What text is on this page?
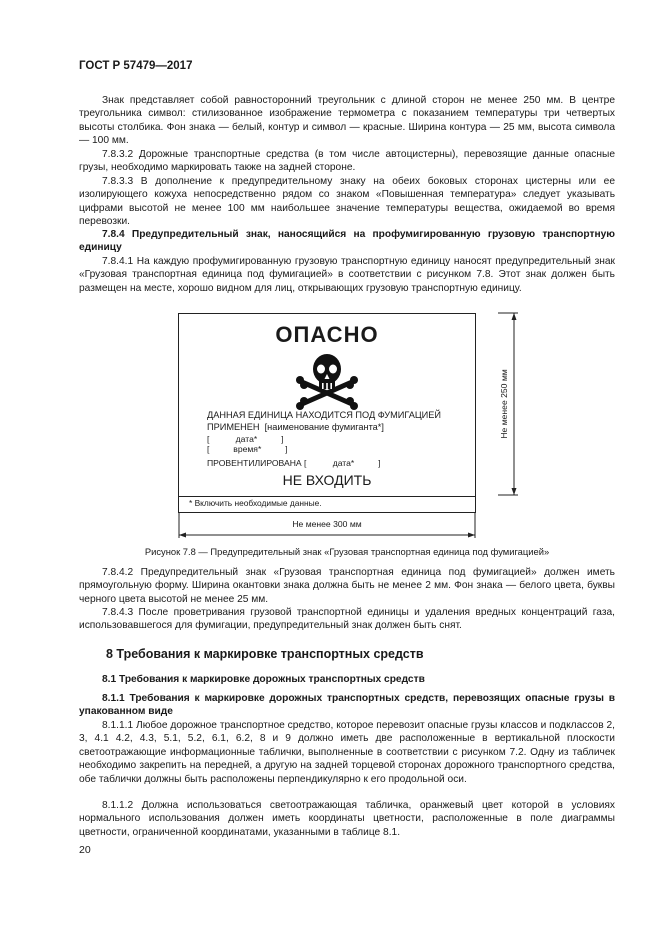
ГОСТ Р 57479—2017

Знак представляет собой равносторонний треугольник с длиной сторон не менее 250 мм. В центре треугольника символ: стилизованное изображение термометра с показанием температуры три четвертых высоты столбика. Фон знака — белый, контур и символ — красные. Ширина контура — 25 мм, высота символа — 100 мм.

7.8.3.2 Дорожные транспортные средства (в том числе автоцистерны), перевозящие данные опасные грузы, необходимо маркировать также на задней стороне.

7.8.3.3 В дополнение к предупредительному знаку на обеих боковых сторонах цистерны или ее изолирующего кожуха непосредственно рядом со знаком «Повышенная температура» следует указывать цифрами высотой не менее 100 мм наибольшее значение температуры вещества, ожидаемой во время перевозки.

7.8.4 Предупредительный знак, наносящийся на профумигированную грузовую транспортную единицу

7.8.4.1 На каждую профумигированную грузовую транспортную единицу наносят предупредительный знак «Грузовая транспортная единица под фумигацией» в соответствии с рисунком 7.8. Этот знак должен быть размещен на месте, хорошо видном для лиц, открывающих грузовую транспортную единицу.

ОПАСНО
ДАННАЯ ЕДИНИЦА НАХОДИТСЯ ПОД ФУМИГАЦИЕЙ
ПРИМЕНЕН  [наименование фумиганта*]
[           дата*          ]
[          время*          ]
ПРОВЕНТИЛИРОВАНА [           дата*          ]
НЕ ВХОДИТЬ
* Включить необходимые данные.
Не менее 300 мм
Не менее 250 мм
Рисунок 7.8 — Предупредительный знак «Грузовая транспортная единица под фумигацией»

7.8.4.2 Предупредительный знак «Грузовая транспортная единица под фумигацией» должен иметь прямоугольную форму. Ширина окантовки знака должна быть не менее 2 мм. Фон знака — белого цвета, буквы черного цвета высотой не менее 25 мм.

7.8.4.3 После проветривания грузовой транспортной единицы и удаления вредных концентраций газа, использовавшегося для фумигации, предупредительный знак должен быть снят.

8 Требования к маркировке транспортных средств
8.1 Требования к маркировке дорожных транспортных средств

8.1.1 Требования к маркировке дорожных транспортных средств, перевозящих опасные грузы в упакованном виде

8.1.1.1 Любое дорожное транспортное средство, которое перевозит опасные грузы классов и подклассов 2, 3, 4.1 4.2, 4.3, 5.1, 5.2, 6.1, 6.2, 8 и 9 должно иметь две расположенные в вертикальной плоскости светоотражающие информационные таблички, выполненные в соответствии с рисунком 7.2. Одну из табличек необходимо закрепить на передней, а другую на задней торцевой сторонах дорожного транспортного средства, обе таблички должны быть расположены перпендикулярно к его продольной оси.

8.1.1.2 Должна использоваться светоотражающая табличка, оранжевый цвет которой в условиях нормального использования должен иметь координаты цветности, расположенные в поле диаграммы цветности, ограниченной координатами, указанными в таблице 8.1.

20
